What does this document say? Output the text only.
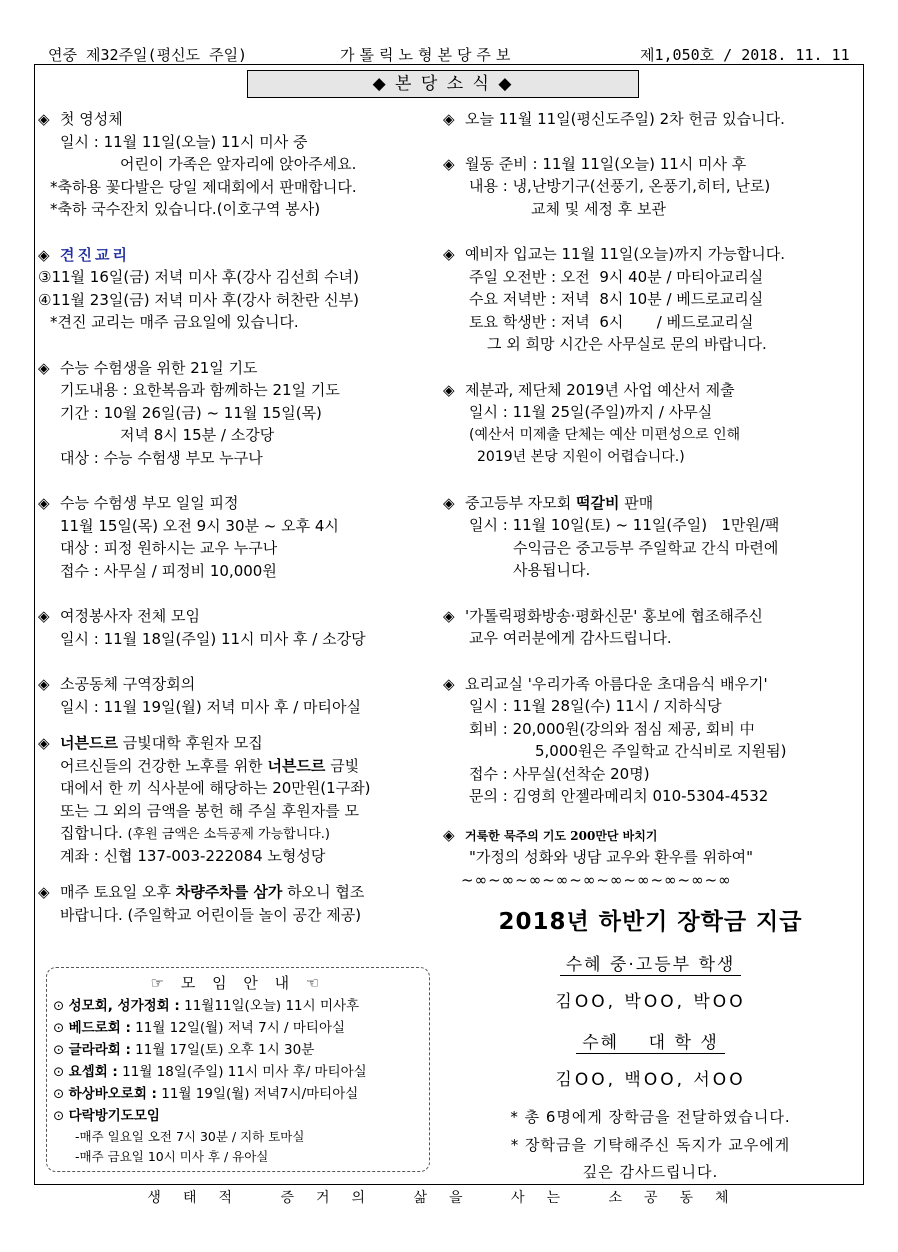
연중 제32주일(평신도 주일)	가톨릭노형본당주보	제1,050호 / 2018. 11. 11
◆ 본 당 소 식 ◆
◈ 첫 영성체
일시 : 11월 11일(오늘) 11시 미사 중
어린이 가족은 앞자리에 앉아주세요.
*축하용 꽃다발은 당일 제대회에서 판매합니다.
*축하 국수잔치 있습니다.(이호구역 봉사)
◈ 견진교리
③11월 16일(금) 저녁 미사 후(강사 김선희 수녀)
④11월 23일(금) 저녁 미사 후(강사 허찬란 신부)
*견진 교리는 매주 금요일에 있습니다.
◈ 수능 수험생을 위한 21일 기도
기도내용 : 요한복음과 함께하는 21일 기도
기간 : 10월 26일(금) ~ 11월 15일(목)
저녁 8시 15분 / 소강당
대상 : 수능 수험생 부모 누구나
◈ 수능 수험생 부모 일일 피정
11월 15일(목) 오전 9시 30분 ~ 오후 4시
대상 : 피정 원하시는 교우 누구나
접수 : 사무실 / 피정비 10,000원
◈ 여정봉사자 전체 모임
일시 : 11월 18일(주일) 11시 미사 후 / 소강당
◈ 소공동체 구역장회의
일시 : 11월 19일(월) 저녁 미사 후 / 마티아실
◈ 너븐드르 금빛대학 후원자 모집
어르신들의 건강한 노후를 위한 너븐드르 금빛
대에서 한 끼 식사분에 해당하는 20만원(1구좌)
또는 그 외의 금액을 봉헌 해 주실 후원자를 모
집합니다. (후원 금액은 소득공제 가능합니다.)
계좌 : 신협 137-003-222084 노형성당
◈ 매주 토요일 오후 차량주차를 삼가 하오니 협조
바랍니다. (주일학교 어린이들 놀이 공간 제공)
☞ 모 임 안 내 ☜
⊙ 성모회, 성가정회 : 11월11일(오늘) 11시 미사후
⊙ 베드로회 : 11월 12일(월) 저녁 7시 / 마티아실
⊙ 글라라회 : 11월 17일(토) 오후 1시 30분
⊙ 요셉회 : 11월 18일(주일) 11시 미사 후/ 마티아실
⊙ 하상바오로회 : 11월 19일(월) 저녁7시/마티아실
⊙ 다락방기도모임
-매주 일요일 오전 7시 30분 / 지하 토마실
-매주 금요일 10시 미사 후 / 유아실
◈ 오늘 11월 11일(평신도주일) 2차 헌금 있습니다.
◈ 월동 준비 : 11월 11일(오늘) 11시 미사 후
내용 : 냉,난방기구(선풍기, 온풍기,히터, 난로)
교체 및 세정 후 보관
◈ 예비자 입교는 11월 11일(오늘)까지 가능합니다.
주일 오전반 : 오전  9시 40분 / 마티아교리실
수요 저녁반 : 저녁  8시 10분 / 베드로교리실
토요 학생반 : 저녁  6시       / 베드로교리실
그 외 희망 시간은 사무실로 문의 바랍니다.
◈ 제분과, 제단체 2019년 사업 예산서 제출
일시 : 11월 25일(주일)까지 / 사무실
(예산서 미제출 단체는 예산 미편성으로 인해
2019년 본당 지원이 어렵습니다.)
◈ 중고등부 자모회 떡갈비 판매
일시 : 11월 10일(토) ~ 11일(주일)   1만원/팩
수익금은 중고등부 주일학교 간식 마련에
사용됩니다.
◈ '가톨릭평화방송·평화신문' 홍보에 협조해주신
교우 여러분에게 감사드립니다.
◈ 요리교실 '우리가족 아름다운 초대음식 배우기'
일시 : 11월 28일(수) 11시 / 지하식당
회비 : 20,000원(강의와 점심 제공, 회비 中
5,000원은 주일학교 간식비로 지원됨)
접수 : 사무실(선착순 20명)
문의 : 김영희 안젤라메리치 010-5304-4532
◈ 거룩한 묵주의 기도 200만단 바치기
"가정의 성화와 냉담 교우와 환우를 위하여"
~∞~∞~∞~∞~∞~∞~∞~∞~∞~∞
2018년 하반기 장학금 지급
수혜 중·고등부 학생
김OO, 박OO, 박OO
수혜    대 학 생
김OO, 백OO, 서OO
* 총 6명에게 장학금을 전달하였습니다.
* 장학금을 기탁해주신 독지가 교우에게
깊은 감사드립니다.
생태적 증거의 삶을 사는 소공동체
